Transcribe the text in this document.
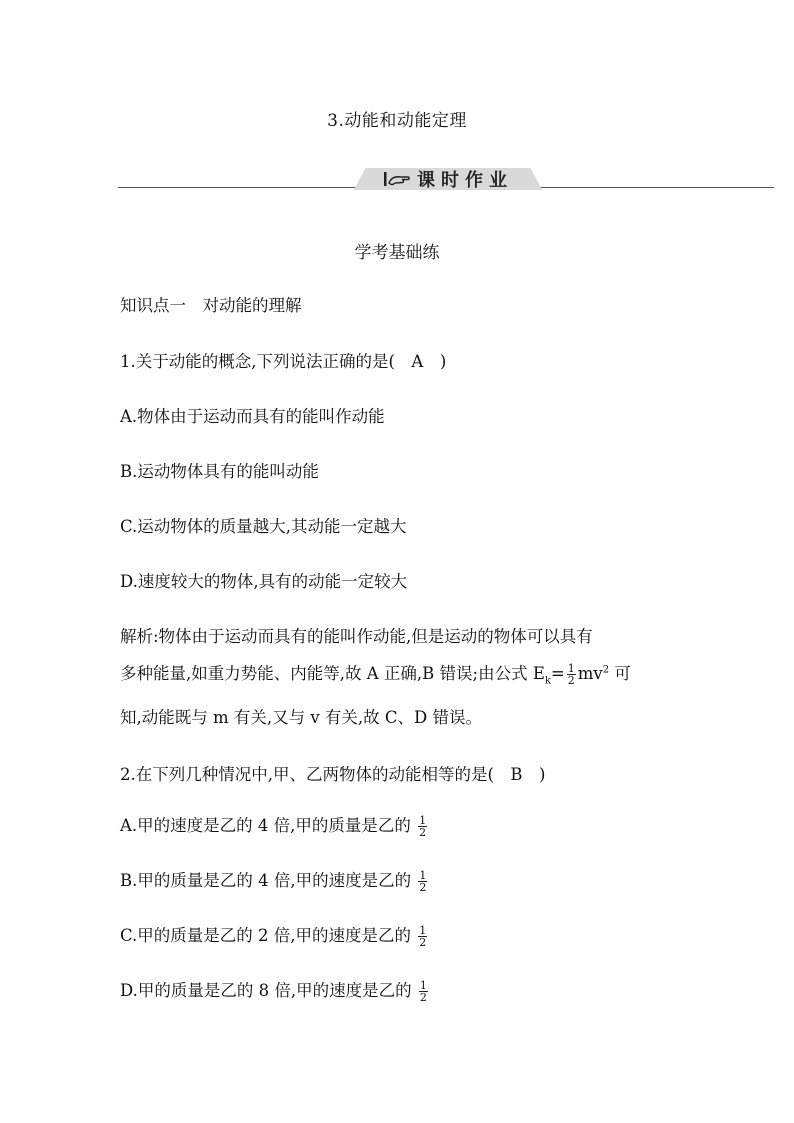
3.动能和动能定理
课时作业
学考基础练
知识点一　对动能的理解
1.关于动能的概念,下列说法正确的是(　A　)
A.物体由于运动而具有的能叫作动能
B.运动物体具有的能叫动能
C.运动物体的质量越大,其动能一定越大
D.速度较大的物体,具有的动能一定较大
解析:物体由于运动而具有的能叫作动能,但是运动的物体可以具有
多种能量,如重力势能、内能等,故 A 正确,B 错误;由公式 $E_k= \frac{1}{2} mv^2$ 可
知,动能既与 m 有关,又与 v 有关,故 C、D 错误。
2.在下列几种情况中,甲、乙两物体的动能相等的是(　B　)
A.甲的速度是乙的 4 倍,甲的质量是乙的 $\frac{1}{2}$
B.甲的质量是乙的 4 倍,甲的速度是乙的 $\frac{1}{2}$
C.甲的质量是乙的 2 倍,甲的速度是乙的 $\frac{1}{2}$
D.甲的质量是乙的 8 倍,甲的速度是乙的 $\frac{1}{2}$
